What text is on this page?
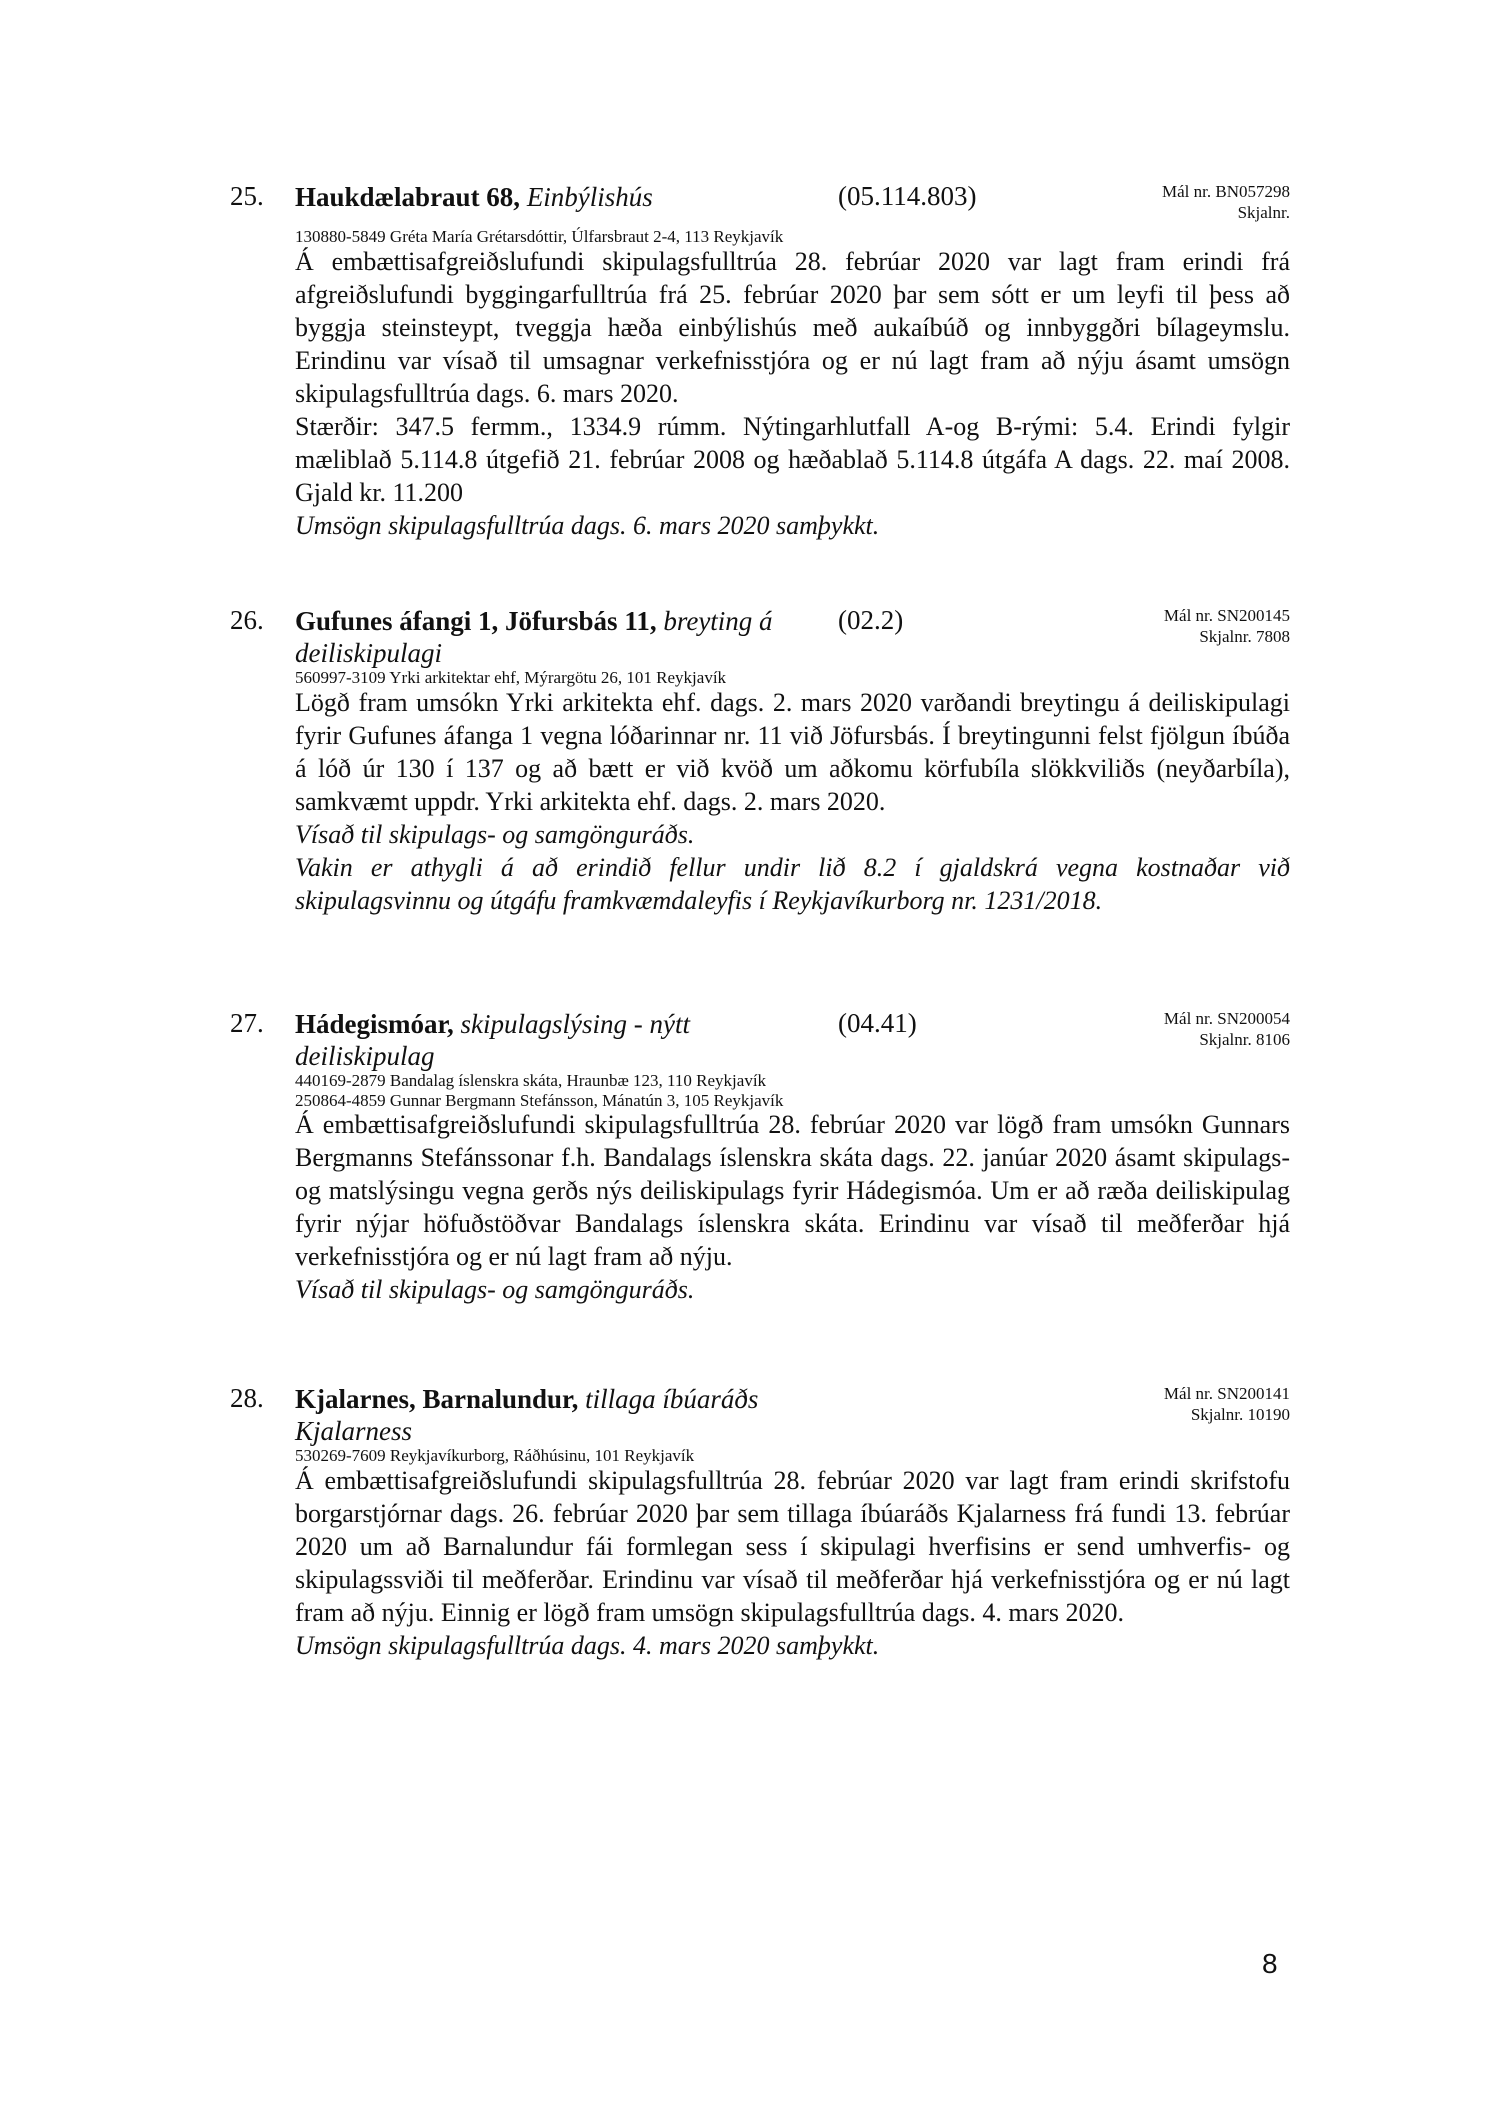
25. Haukdælabraut 68, Einbýlishús	(05.114.803)	Mál nr. BN057298
Skjalnr.
130880-5849 Gréta María Grétarsdóttir, Úlfarsbraut 2-4, 113 Reykjavík

Á embættisafgreiðslufundi skipulagsfulltrúa 28. febrúar 2020 var lagt fram erindi frá afgreiðslufundi byggingarfulltrúa frá 25. febrúar 2020 þar sem sótt er um leyfi til þess að byggja steinsteypt, tveggja hæða einbýlishús með aukaíbúð og innbyggðri bílageymslu. Erindinu var vísað til umsagnar verkefnisstjóra og er nú lagt fram að nýju ásamt umsögn skipulagsfulltrúa dags. 6. mars 2020.

Stærðir: 347.5 fermm., 1334.9 rúmm. Nýtingarhlutfall A-og B-rými: 5.4. Erindi fylgir mæliblað 5.114.8 útgefið 21. febrúar 2008 og hæðablað 5.114.8 útgáfa A dags. 22. maí 2008. Gjald kr. 11.200

Umsögn skipulagsfulltrúa dags. 6. mars 2020 samþykkt.

26. Gufunes áfangi 1, Jöfursbás 11, breyting á deiliskipulagi
(02.2)	Mál nr. SN200145
Skjalnr. 7808
560997-3109 Yrki arkitektar ehf, Mýrargötu 26, 101 Reykjavík

Lögð fram umsókn Yrki arkitekta ehf. dags. 2. mars 2020 varðandi breytingu á deiliskipulagi fyrir Gufunes áfanga 1 vegna lóðarinnar nr. 11 við Jöfursbás. Í breytingunni felst fjölgun íbúða á lóð úr 130 í 137 og að bætt er við kvöð um aðkomu körfubíla slökkviliðs (neyðarbíla), samkvæmt uppdr. Yrki arkitekta ehf. dags. 2. mars 2020.

Vísað til skipulags- og samgönguráðs.

Vakin er athygli á að erindið fellur undir lið 8.2 í gjaldskrá vegna kostnaðar við skipulagsvinnu og útgáfu framkvæmdaleyfis í Reykjavíkurborg nr. 1231/2018.

27. Hádegismóar, skipulagslýsing - nýtt deiliskipulag
(04.41)	Mál nr. SN200054
Skjalnr. 8106
440169-2879 Bandalag íslenskra skáta, Hraunbæ 123, 110 Reykjavík
250864-4859 Gunnar Bergmann Stefánsson, Mánatún 3, 105 Reykjavík

Á embættisafgreiðslufundi skipulagsfulltrúa 28. febrúar 2020 var lögð fram umsókn Gunnars Bergmanns Stefánssonar f.h. Bandalags íslenskra skáta dags. 22. janúar 2020 ásamt skipulags- og matslýsingu vegna gerðs nýs deiliskipulags fyrir Hádegismóa. Um er að ræða deiliskipulag fyrir nýjar höfuðstöðvar Bandalags íslenskra skáta. Erindinu var vísað til meðferðar hjá verkefnisstjóra og er nú lagt fram að nýju.

Vísað til skipulags- og samgönguráðs.

28. Kjalarnes, Barnalundur, tillaga íbúaráðs Kjalarness
Mál nr. SN200141
Skjalnr. 10190
530269-7609 Reykjavíkurborg, Ráðhúsinu, 101 Reykjavík

Á embættisafgreiðslufundi skipulagsfulltrúa 28. febrúar 2020 var lagt fram erindi skrifstofu borgarstjórnar dags. 26. febrúar 2020 þar sem tillaga íbúaráðs Kjalarness frá fundi 13. febrúar 2020 um að Barnalundur fái formlegan sess í skipulagi hverfisins er send umhverfis- og skipulagssviði til meðferðar. Erindinu var vísað til meðferðar hjá verkefnisstjóra og er nú lagt fram að nýju. Einnig er lögð fram umsögn skipulagsfulltrúa dags. 4. mars 2020.

Umsögn skipulagsfulltrúa dags. 4. mars 2020 samþykkt.

8
